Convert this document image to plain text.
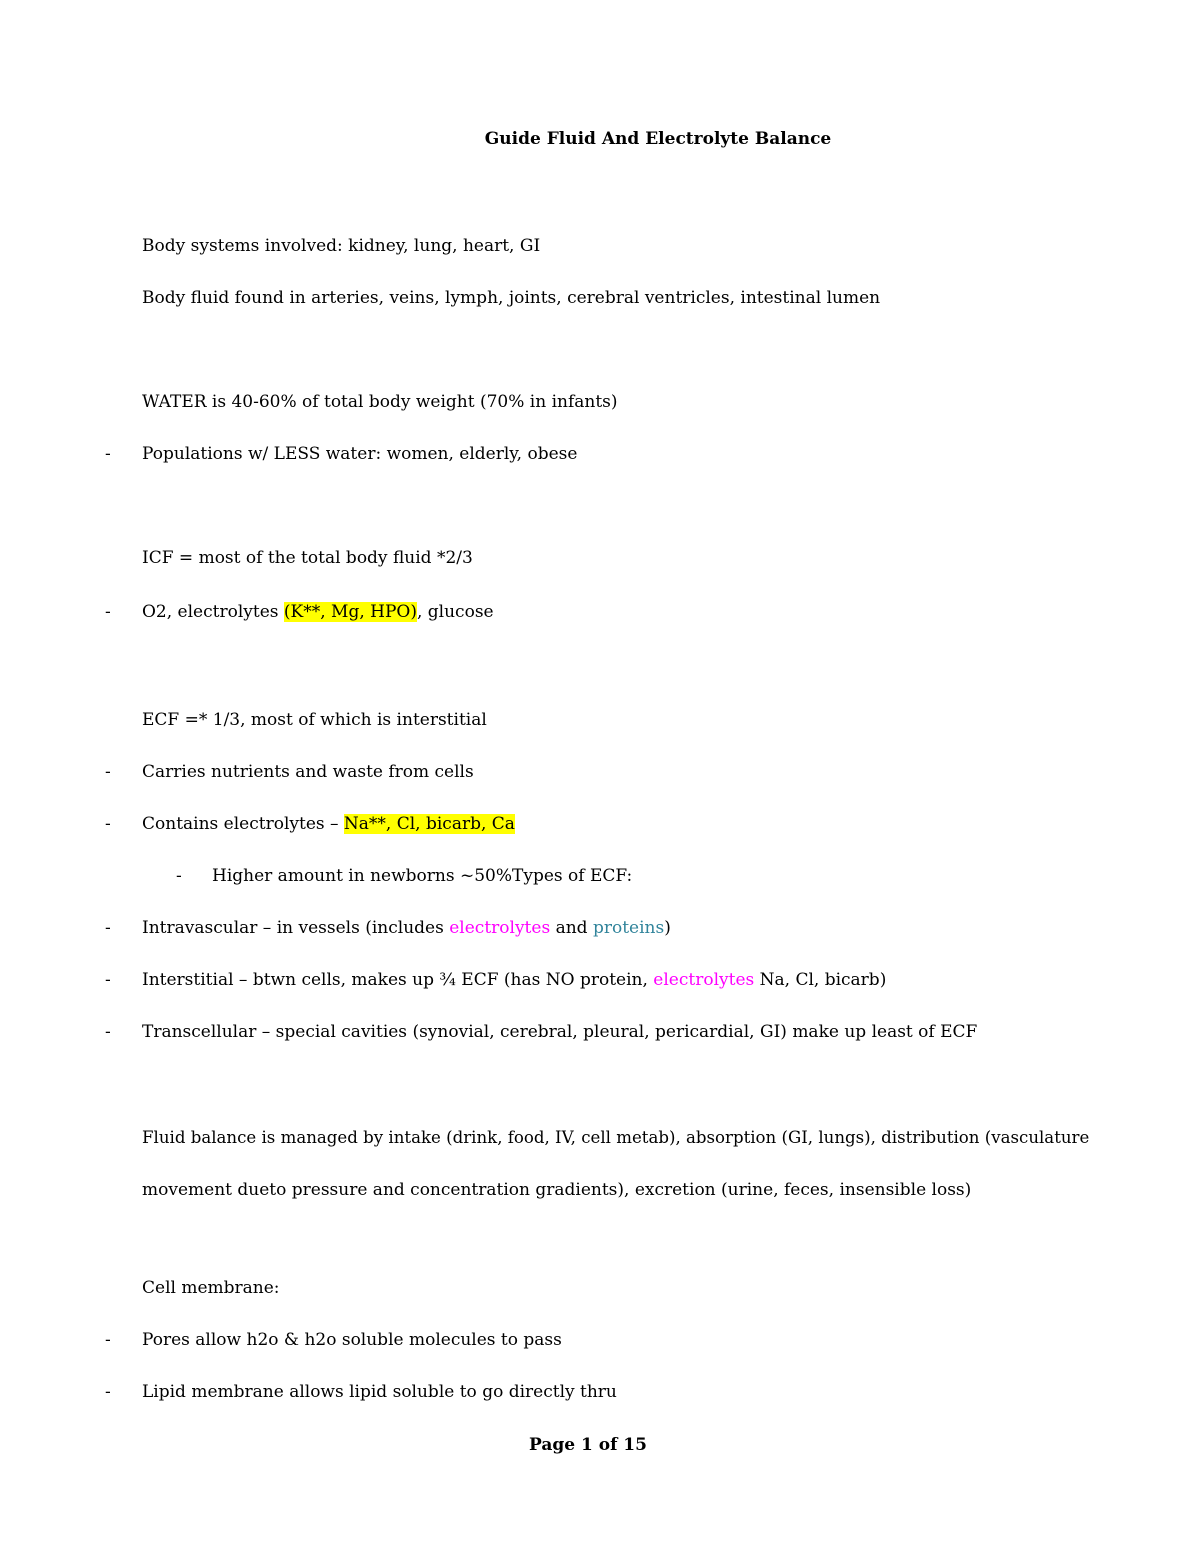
Guide Fluid And Electrolyte Balance
Body systems involved: kidney, lung, heart, GI
Body fluid found in arteries, veins, lymph, joints, cerebral ventricles, intestinal lumen
WATER is 40-60% of total body weight (70% in infants)
- Populations w/ LESS water: women, elderly, obese
ICF = most of the total body fluid *2/3
- O2, electrolytes (K**, Mg, HPO), glucose
ECF =* 1/3, most of which is interstitial
- Carries nutrients and waste from cells
- Contains electrolytes – Na**, Cl, bicarb, Ca
- Higher amount in newborns ~50%Types of ECF:
- Intravascular – in vessels (includes electrolytes and proteins)
- Interstitial – btwn cells, makes up ¾ ECF (has NO protein, electrolytes Na, Cl, bicarb)
- Transcellular – special cavities (synovial, cerebral, pleural, pericardial, GI) make up least of ECF
Fluid balance is managed by intake (drink, food, IV, cell metab), absorption (GI, lungs), distribution (vasculature
movement dueto pressure and concentration gradients), excretion (urine, feces, insensible loss)
Cell membrane:
- Pores allow h2o & h2o soluble molecules to pass
- Lipid membrane allows lipid soluble to go directly thru
Page 1 of 15
